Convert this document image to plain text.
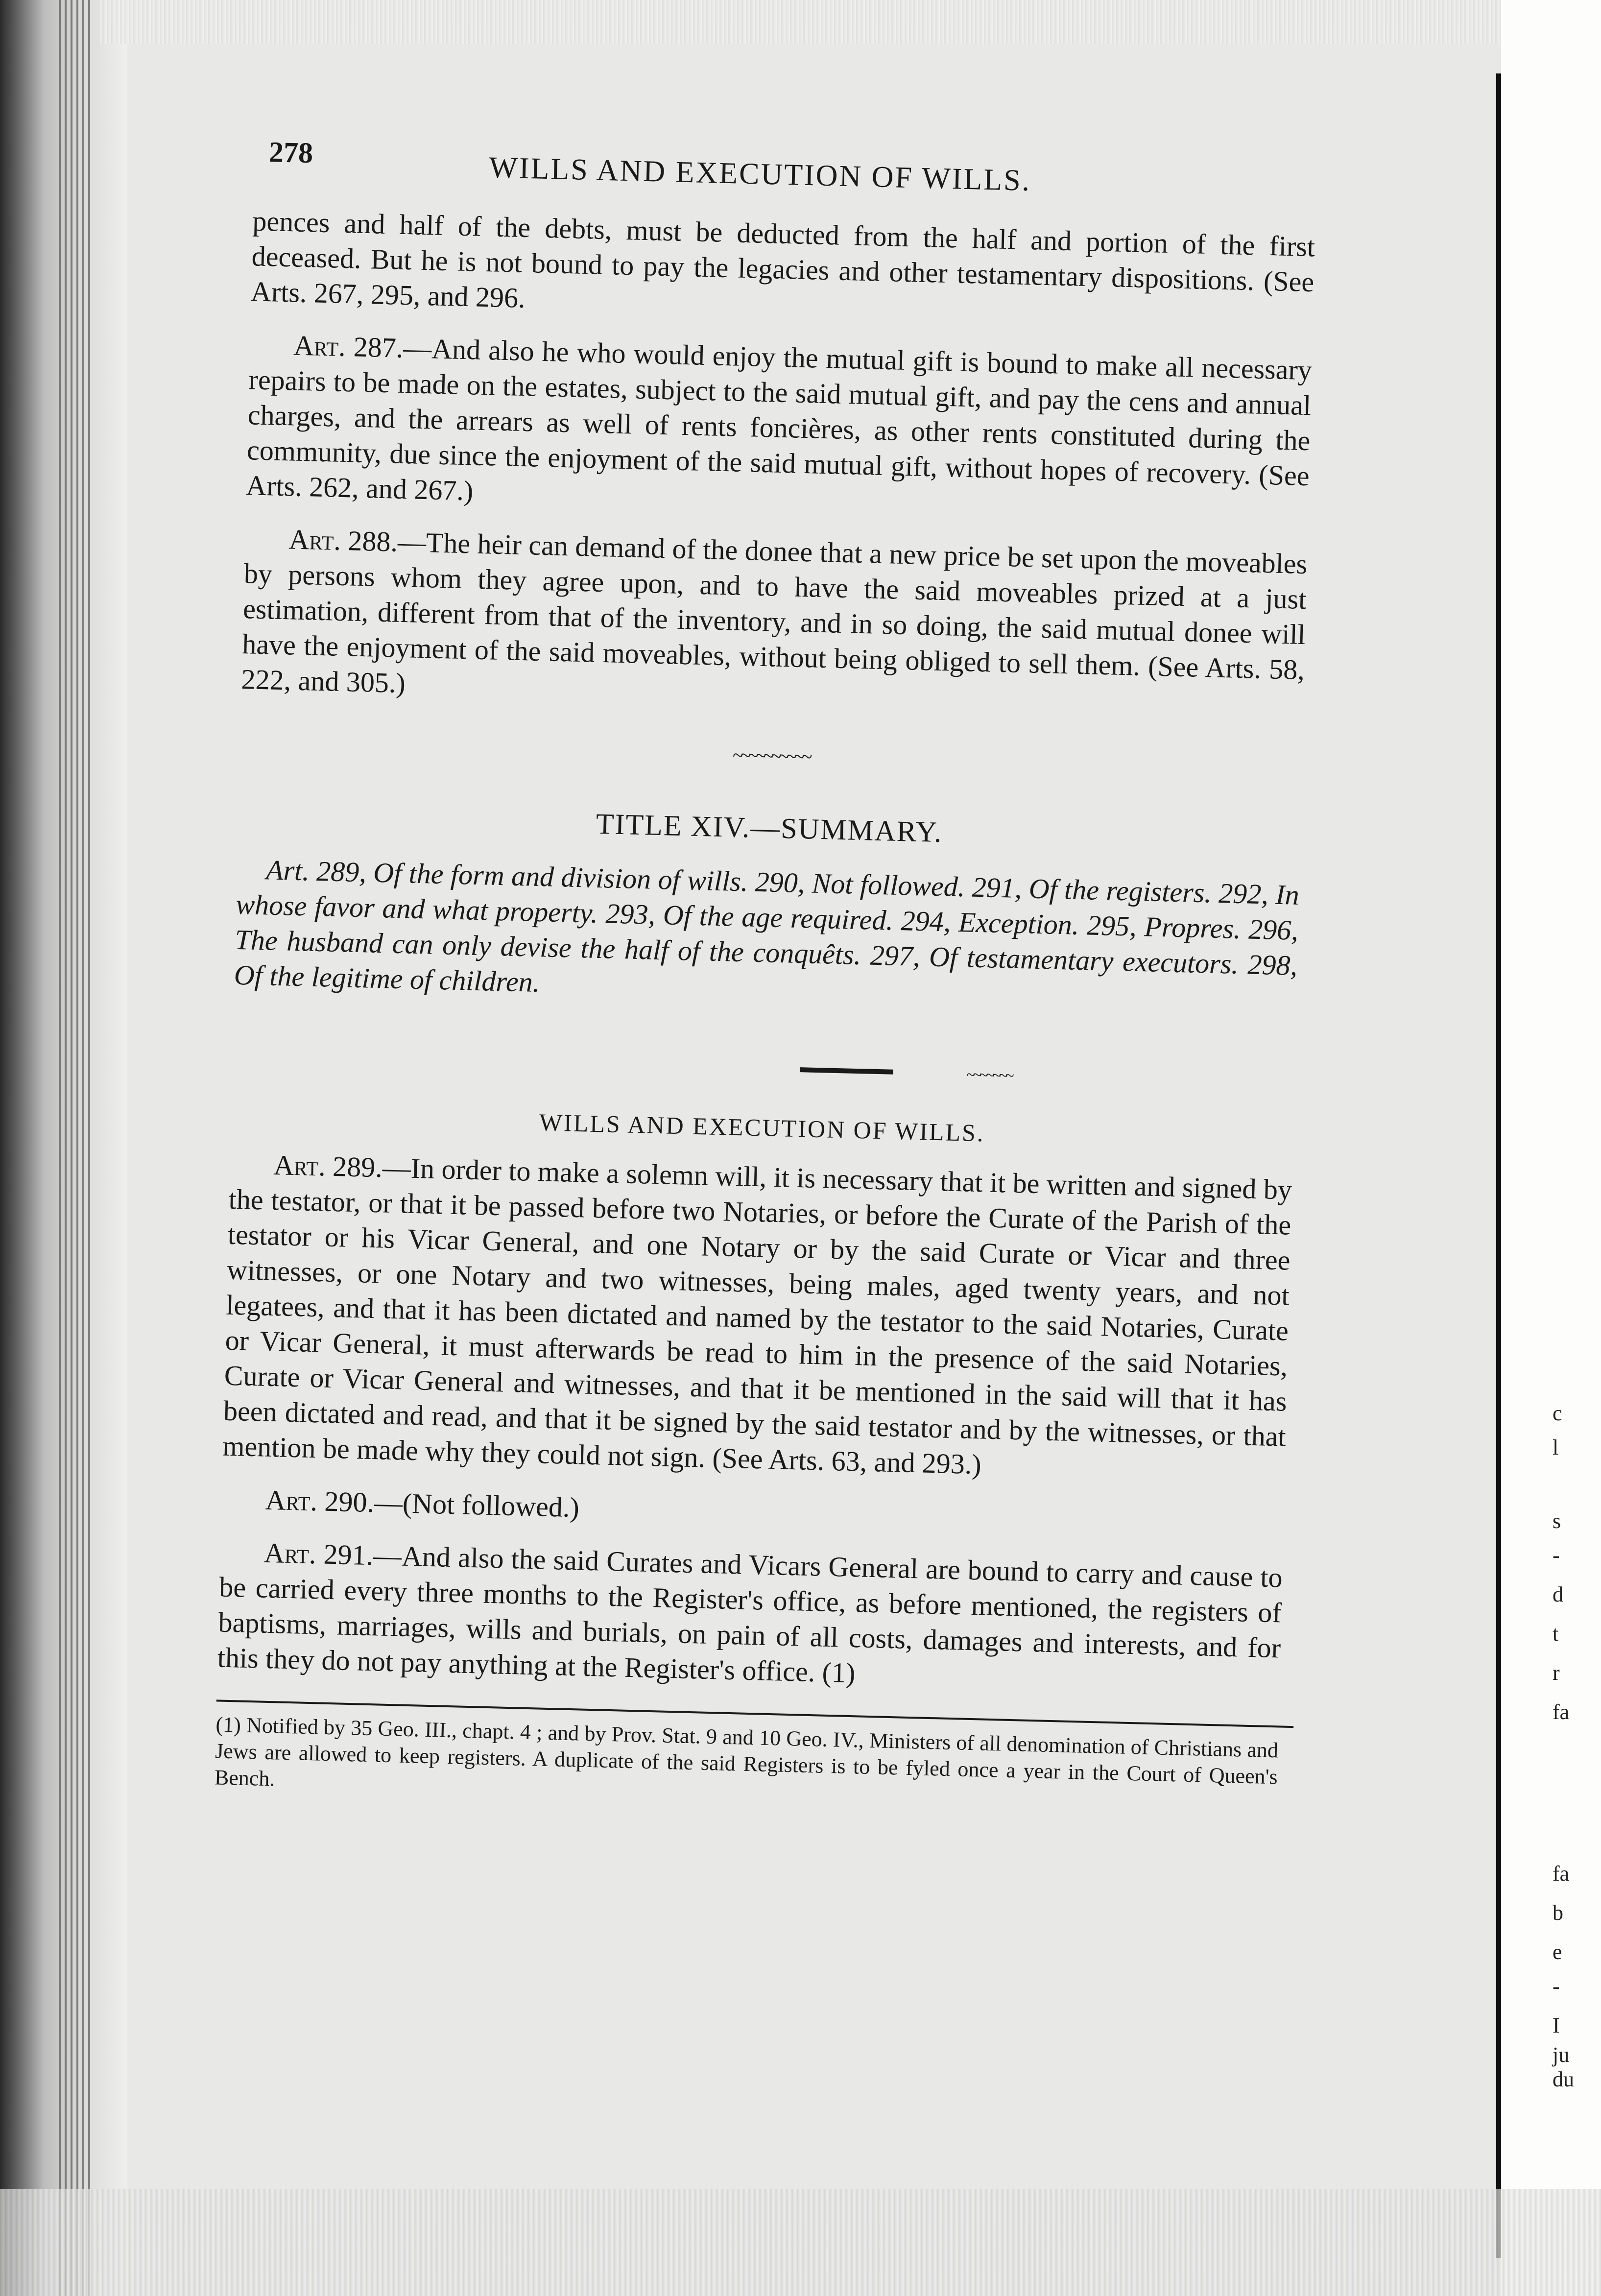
c
l
s
-
d
t
r
fa
fa
b
e
-
I
ju
du
278	WILLS AND EXECUTION OF WILLS.

pences and half of the debts, must be deducted from the half and portion of the first deceased. But he is not bound to pay the legacies and other testamentary dispositions. (See Arts. 267, 295, and 296.

Art. 287.—And also he who would enjoy the mutual gift is bound to make all necessary repairs to be made on the estates, subject to the said mutual gift, and pay the cens and annual charges, and the arrears as well of rents foncières, as other rents constituted during the community, due since the enjoyment of the said mutual gift, without hopes of recovery. (See Arts. 262, and 267.)

Art. 288.—The heir can demand of the donee that a new price be set upon the moveables by persons whom they agree upon, and to have the said moveables prized at a just estimation, different from that of the inventory, and in so doing, the said mutual donee will have the enjoyment of the said moveables, without being obliged to sell them. (See Arts. 58, 222, and 305.)

~~~~~~~~~~
TITLE XIV.—SUMMARY.

Art. 289, Of the form and division of wills. 290, Not followed. 291, Of the registers. 292, In whose favor and what property. 293, Of the age required. 294, Exception. 295, Propres. 296, The husband can only devise the half of the conquêts. 297, Of testamentary executors. 298, Of the legitime of children.

~~~~~~~
WILLS AND EXECUTION OF WILLS.

Art. 289.—In order to make a solemn will, it is necessary that it be written and signed by the testator, or that it be passed before two Notaries, or before the Curate of the Parish of the testator or his Vicar General, and one Notary or by the said Curate or Vicar and three witnesses, or one Notary and two witnesses, being males, aged twenty years, and not legatees, and that it has been dictated and named by the testator to the said Notaries, Curate or Vicar General, it must afterwards be read to him in the presence of the said Notaries, Curate or Vicar General and witnesses, and that it be mentioned in the said will that it has been dictated and read, and that it be signed by the said testator and by the witnesses, or that mention be made why they could not sign. (See Arts. 63, and 293.)

Art. 290.—(Not followed.)

Art. 291.—And also the said Curates and Vicars General are bound to carry and cause to be carried every three months to the Register's office, as before mentioned, the registers of baptisms, marriages, wills and burials, on pain of all costs, damages and interests, and for this they do not pay anything at the Register's office. (1)

(1) Notified by 35 Geo. III., chapt. 4 ; and by Prov. Stat. 9 and 10 Geo. IV., Ministers of all denomination of Christians and Jews are allowed to keep registers. A duplicate of the said Registers is to be fyled once a year in the Court of Queen's Bench.
